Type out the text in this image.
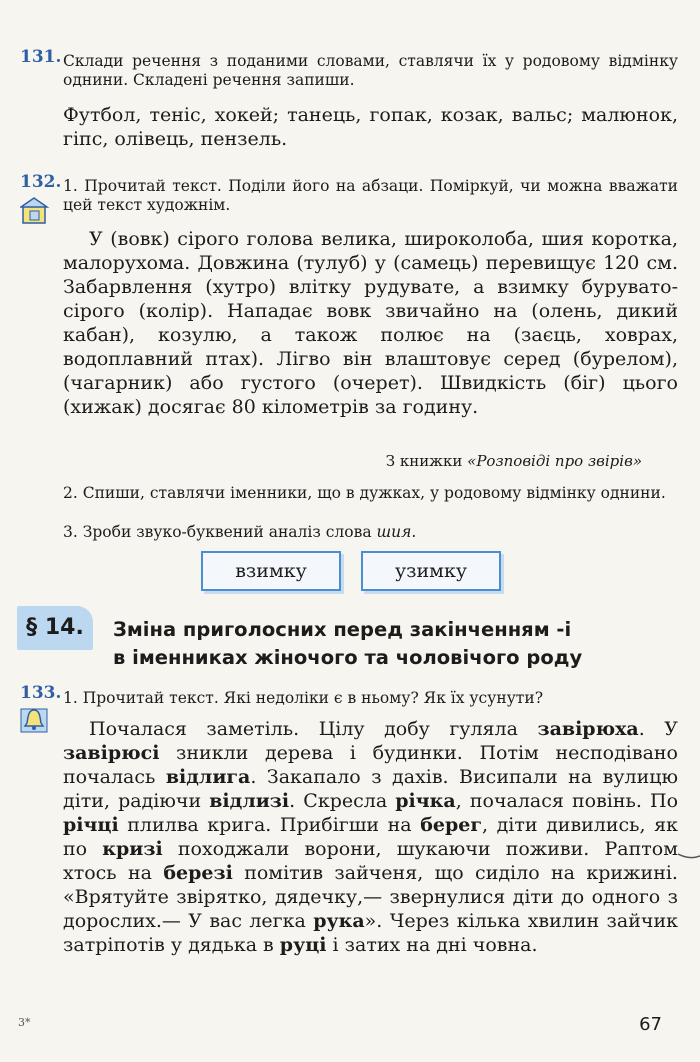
131. Склади речення з поданими словами, ставлячи їх у родовому відмінку однини. Складені речення запиши.
Футбол, теніс, хокей; танець, гопак, козак, вальс; малюнок, гіпс, олівець, пензель.
132. 1. Прочитай текст. Поділи його на абзаци. Поміркуй, чи можна вважати цей текст художнім.
У (вовк) сірого голова велика, широколоба, шия коротка, малорухома. Довжина (тулуб) у (самець) перевищує 120 см. Забарвлення (хутро) влітку рудувате, а взимку бурувато-сірого (колір). Нападає вовк звичайно на (олень, дикий кабан), козулю, а також полює на (заєць, ховрах, водоплавний птах). Лігво він влаштовує серед (бурелом), (чагарник) або густого (очерет). Швидкість (біг) цього (хижак) досягає 80 кілометрів за годину.
З книжки «Розповіді про звірів»
2. Спиши, ставлячи іменники, що в дужках, у родовому відмінку однини.
3. Зроби звуко-буквений аналіз слова шия.
взимку	узимку
§ 14.	Зміна приголосних перед закінченням -і
в іменниках жіночого та чоловічого роду
133. 1. Прочитай текст. Які недоліки є в ньому? Як їх усунути?
Почалася заметіль. Цілу добу гуляла завірюха. У завірюсі зникли дерева і будинки. Потім несподівано почалась відлига. Закапало з дахів. Висипали на вулицю діти, радіючи відлизі. Скресла річка, почалася повінь. По річці плилва крига. Прибігши на берег, діти дивились, як по кризі походжали ворони, шукаючи поживи. Раптом хтось на березі помітив зайченя, що сиділо на крижині. «Врятуйте звірятко, дядечку,— звернулися діти до одного з дорослих.— У вас легка рука». Через кілька хвилин зайчик затріпотів у дядька в руці і затих на дні човна.
3*	67
